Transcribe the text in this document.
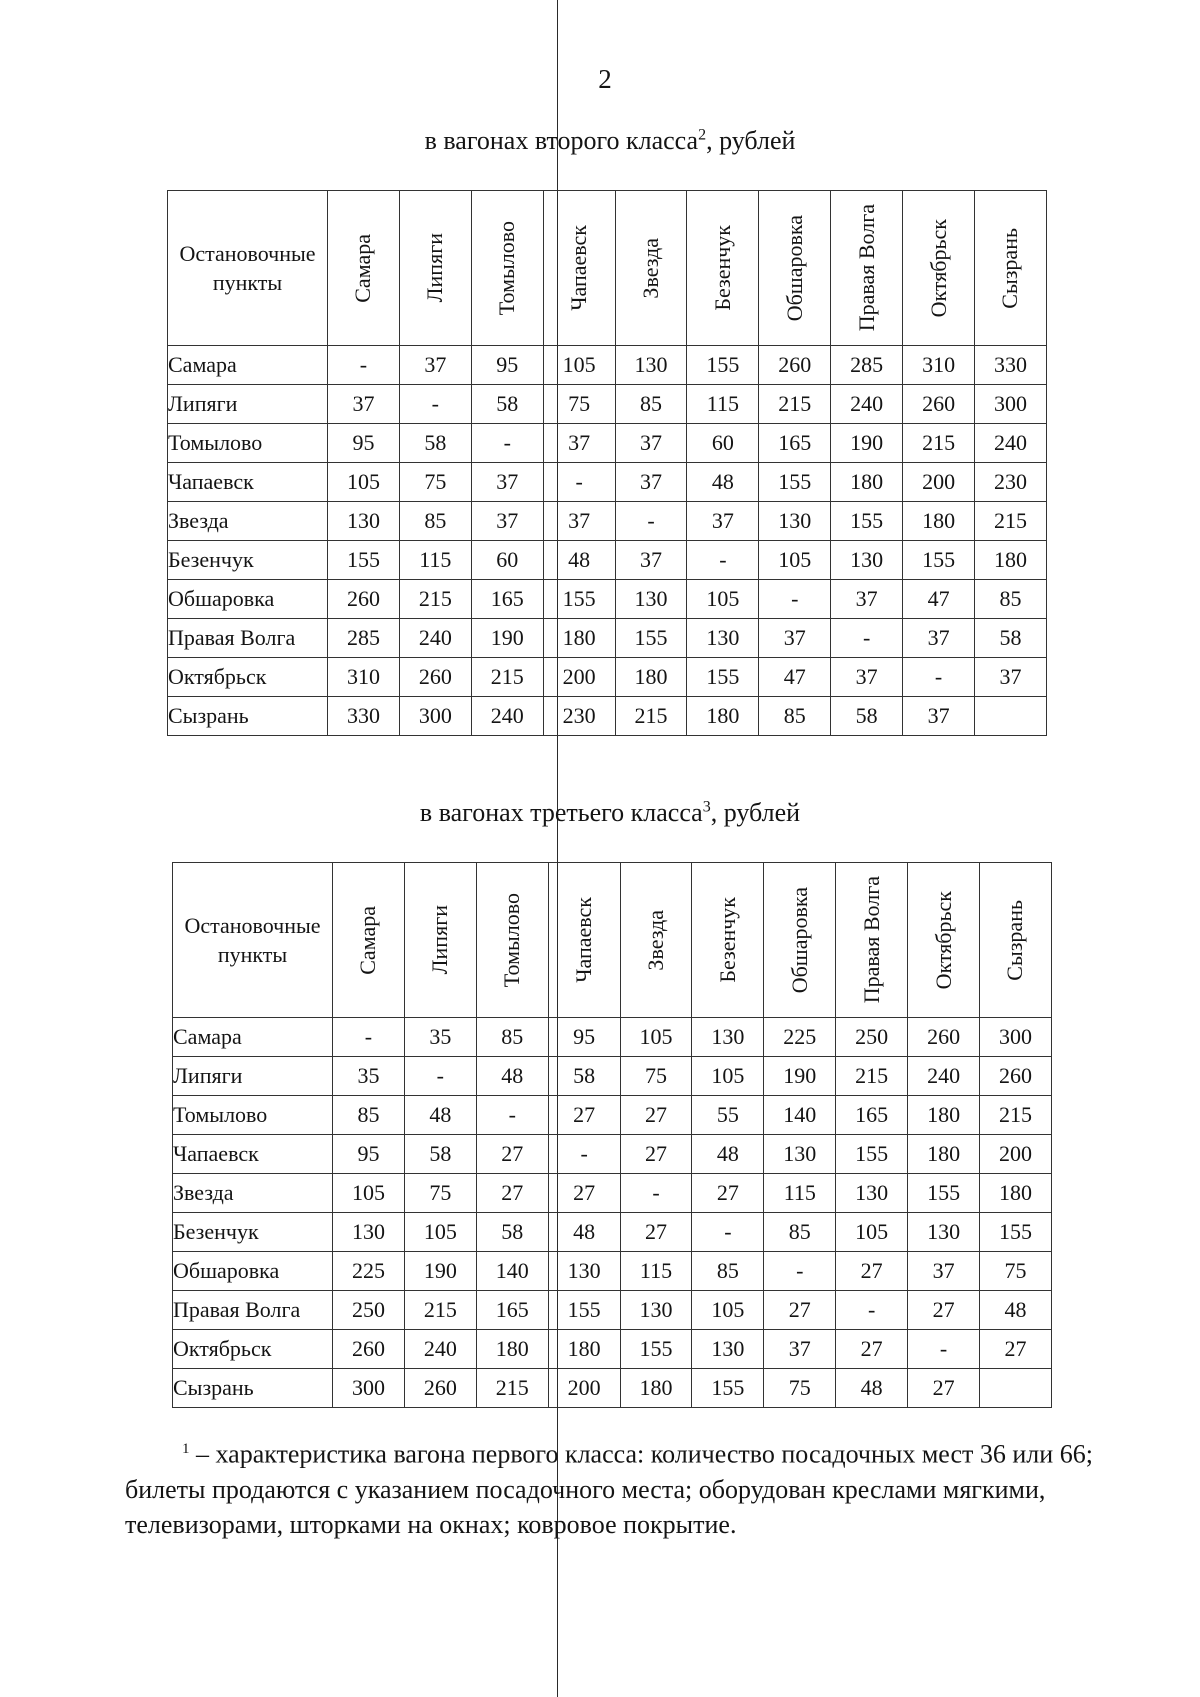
2
в вагонах второго класса$^2$, рублей
Остановочные пункты	Самара	Липяги	Томылово	Чапаевск	Звезда	Безенчук	Обшаровка	Правая Волга	Октябрьск	Сызрань

Самара	-	37	95	105	130	155	260	285	310	330
Липяги	37	-	58	75	85	115	215	240	260	300
Томылово	95	58	-	37	37	60	165	190	215	240
Чапаевск	105	75	37	-	37	48	155	180	200	230
Звезда	130	85	37	37	-	37	130	155	180	215
Безенчук	155	115	60	48	37	-	105	130	155	180
Обшаровка	260	215	165	155	130	105	-	37	47	85
Правая Волга	285	240	190	180	155	130	37	-	37	58
Октябрьск	310	260	215	200	180	155	47	37	-	37
Сызрань	330	300	240	230	215	180	85	58	37	
в вагонах третьего класса$^3$, рублей
Остановочные пункты	Самара	Липяги	Томылово	Чапаевск	Звезда	Безенчук	Обшаровка	Правая Волга	Октябрьск	Сызрань

Самара	-	35	85	95	105	130	225	250	260	300
Липяги	35	-	48	58	75	105	190	215	240	260
Томылово	85	48	-	27	27	55	140	165	180	215
Чапаевск	95	58	27	-	27	48	130	155	180	200
Звезда	105	75	27	27	-	27	115	130	155	180
Безенчук	130	105	58	48	27	-	85	105	130	155
Обшаровка	225	190	140	130	115	85	-	27	37	75
Правая Волга	250	215	165	155	130	105	27	-	27	48
Октябрьск	260	240	180	180	155	130	37	27	-	27
Сызрань	300	260	215	200	180	155	75	48	27	

$^1$ – характеристика вагона первого класса: количество посадочных мест 36 или 66; билеты продаются с указанием посадочного места; оборудован креслами мягкими, телевизорами, шторками на окнах; ковровое покрытие.
